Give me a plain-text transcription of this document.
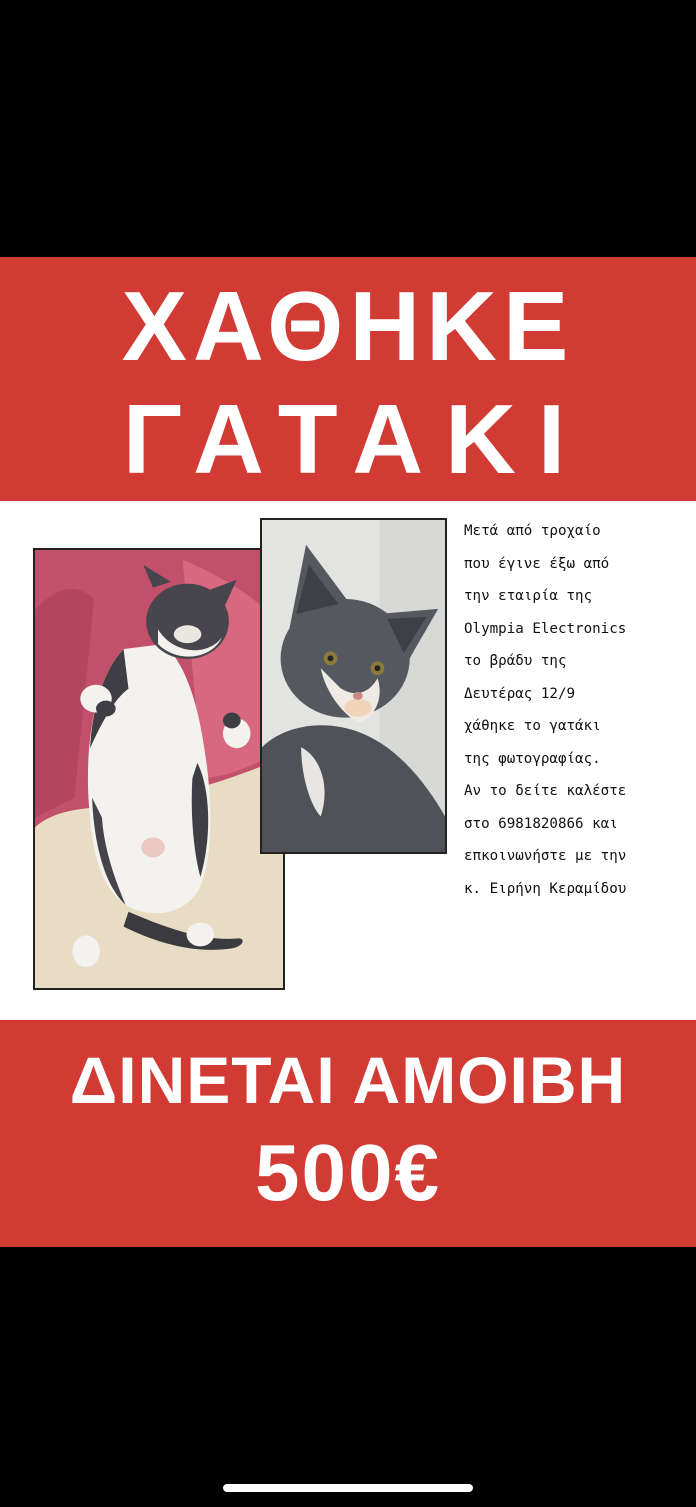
ΧΑΘΗΚΕ
ΓΑΤΑΚΙ
Μετά από τροχαίο
που έγινε έξω από
την εταιρία της
Olympia Electronics
το βράδυ της
Δευτέρας 12/9
χάθηκε το γατάκι
της φωτογραφίας.
Αν το δείτε καλέστε
στο 6981820866 και
επκοινωνήστε με την
κ. Ειρήνη Κεραμίδου
ΔΙΝΕΤΑΙ ΑΜΟΙΒΗ
500€
